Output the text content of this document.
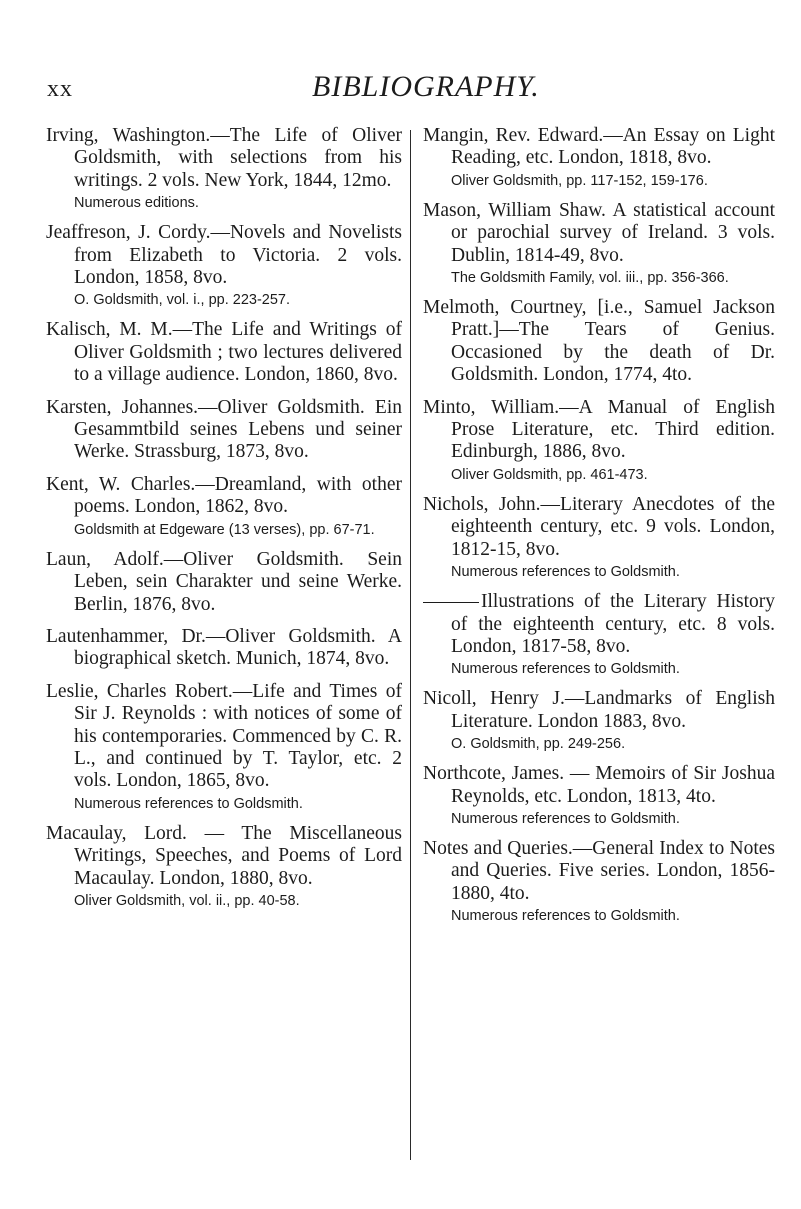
xx	BIBLIOGRAPHY.
Irving, Washington.—The Life of Oliver Goldsmith, with selections from his writings. 2 vols. New York, 1844, 12mo.
Numerous editions.
Jeaffreson, J. Cordy.—Novels and Novelists from Elizabeth to Victoria. 2 vols. London, 1858, 8vo.
O. Goldsmith, vol. i., pp. 223-257.
Kalisch, M. M.—The Life and Writings of Oliver Goldsmith ; two lectures delivered to a village audience. London, 1860, 8vo.
Karsten, Johannes.—Oliver Goldsmith. Ein Gesammtbild seines Lebens und seiner Werke. Strassburg, 1873, 8vo.
Kent, W. Charles.—Dreamland, with other poems. London, 1862, 8vo.
Goldsmith at Edgeware (13 verses), pp. 67-71.
Laun, Adolf.—Oliver Goldsmith. Sein Leben, sein Charakter und seine Werke. Berlin, 1876, 8vo.
Lautenhammer, Dr.—Oliver Goldsmith. A biographical sketch. Munich, 1874, 8vo.
Leslie, Charles Robert.—Life and Times of Sir J. Reynolds : with notices of some of his contemporaries. Commenced by C. R. L., and continued by T. Taylor, etc. 2 vols. London, 1865, 8vo.
Numerous references to Goldsmith.
Macaulay, Lord. — The Miscellaneous Writings, Speeches, and Poems of Lord Macaulay. London, 1880, 8vo.
Oliver Goldsmith, vol. ii., pp. 40-58.
Mangin, Rev. Edward.—An Essay on Light Reading, etc. London, 1818, 8vo.
Oliver Goldsmith, pp. 117-152, 159-176.
Mason, William Shaw. A statistical account or parochial survey of Ireland. 3 vols. Dublin, 1814-49, 8vo.
The Goldsmith Family, vol. iii., pp. 356-366.
Melmoth, Courtney, [i.e., Samuel Jackson Pratt.]—The Tears of Genius. Occasioned by the death of Dr. Goldsmith. London, 1774, 4to.
Minto, William.—A Manual of English Prose Literature, etc. Third edition. Edinburgh, 1886, 8vo.
Oliver Goldsmith, pp. 461-473.
Nichols, John.—Literary Anecdotes of the eighteenth century, etc. 9 vols. London, 1812-15, 8vo.
Numerous references to Goldsmith.
Illustrations of the Literary History of the eighteenth century, etc. 8 vols. London, 1817-58, 8vo.
Numerous references to Goldsmith.
Nicoll, Henry J.—Landmarks of English Literature. London 1883, 8vo.
O. Goldsmith, pp. 249-256.
Northcote, James. — Memoirs of Sir Joshua Reynolds, etc. London, 1813, 4to.
Numerous references to Goldsmith.
Notes and Queries.—General Index to Notes and Queries. Five series. London, 1856-1880, 4to.
Numerous references to Goldsmith.
